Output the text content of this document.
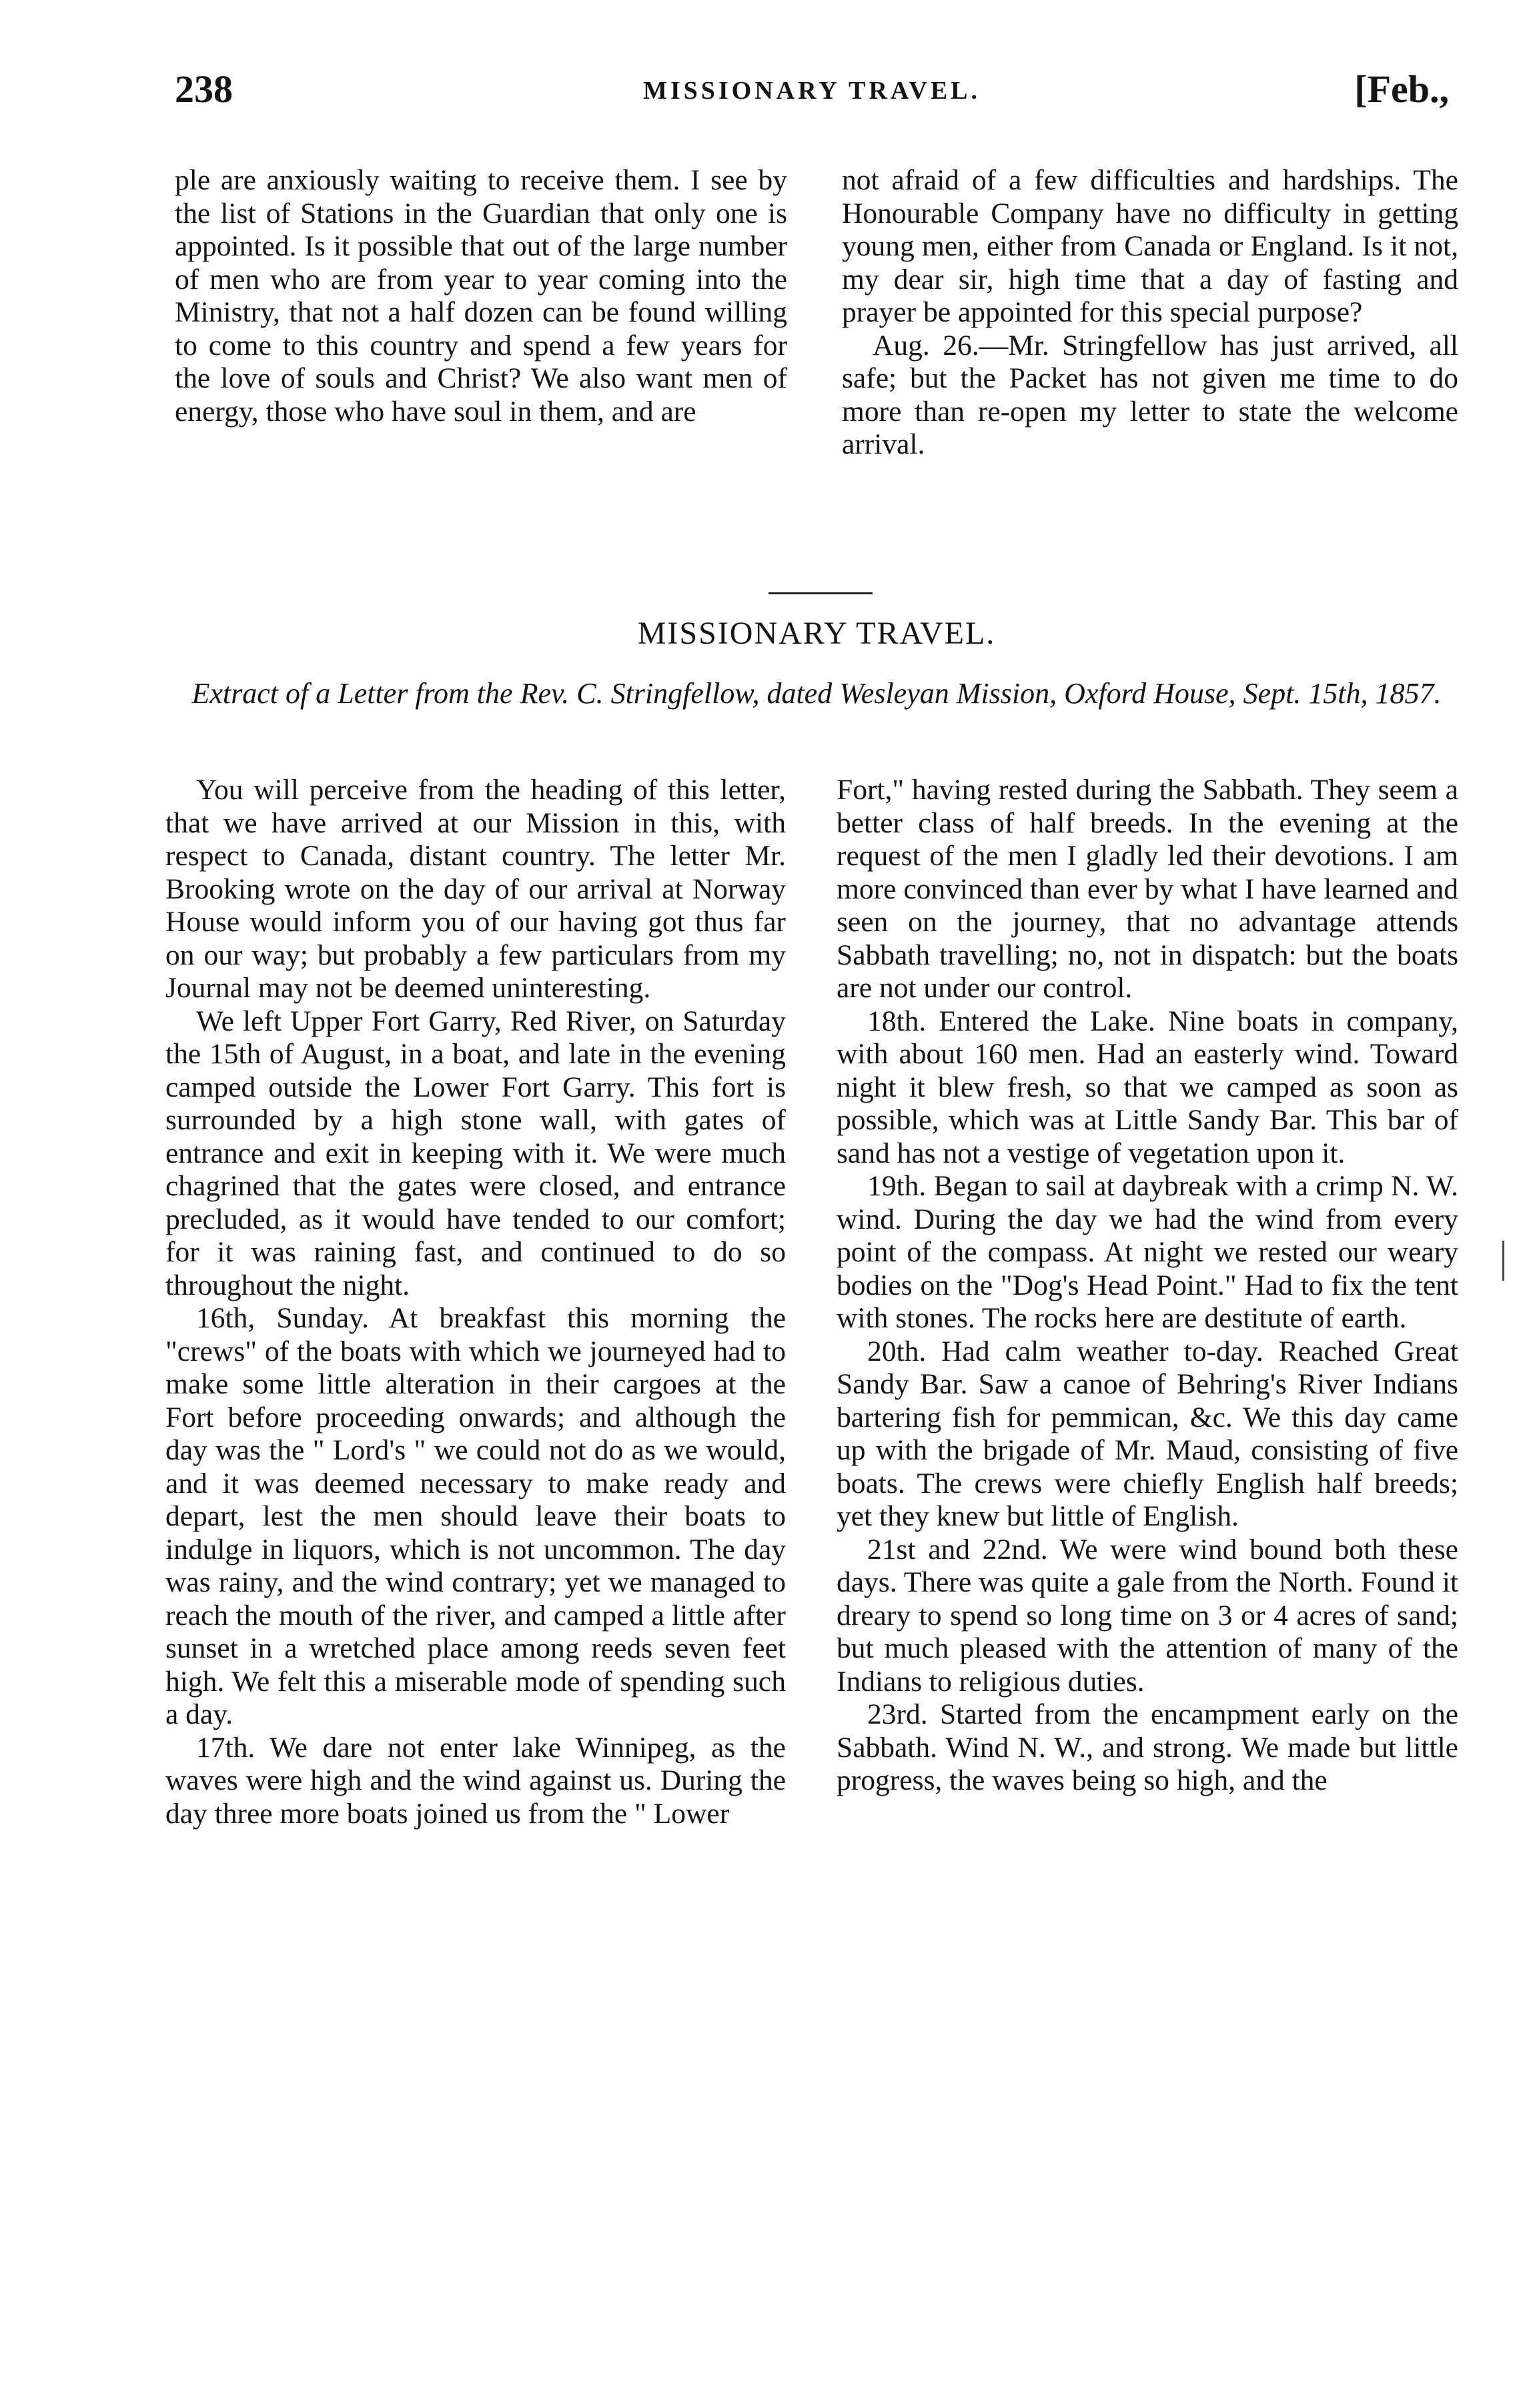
238	MISSIONARY TRAVEL.	[Feb.,

ple are anxiously waiting to receive them. I see by the list of Stations in the Guardian that only one is appointed. Is it possible that out of the large number of men who are from year to year coming into the Ministry, that not a half dozen can be found willing to come to this country and spend a few years for the love of souls and Christ? We also want men of energy, those who have soul in them, and are

not afraid of a few difficulties and hardships. The Honourable Company have no difficulty in getting young men, either from Canada or England. Is it not, my dear sir, high time that a day of fasting and prayer be appointed for this special purpose?

Aug. 26.—Mr. Stringfellow has just arrived, all safe; but the Packet has not given me time to do more than re-open my letter to state the welcome arrival.

MISSIONARY TRAVEL.
Extract of a Letter from the Rev. C. Stringfellow, dated Wesleyan Mission, Oxford House, Sept. 15th, 1857.

You will perceive from the heading of this letter, that we have arrived at our Mission in this, with respect to Canada, distant country. The letter Mr. Brooking wrote on the day of our arrival at Norway House would inform you of our having got thus far on our way; but probably a few particulars from my Journal may not be deemed uninteresting.

We left Upper Fort Garry, Red River, on Saturday the 15th of August, in a boat, and late in the evening camped outside the Lower Fort Garry. This fort is surrounded by a high stone wall, with gates of entrance and exit in keeping with it. We were much chagrined that the gates were closed, and entrance precluded, as it would have tended to our comfort; for it was raining fast, and continued to do so throughout the night.

16th, Sunday. At breakfast this morning the "crews" of the boats with which we journeyed had to make some little alteration in their cargoes at the Fort before proceeding onwards; and although the day was the " Lord's " we could not do as we would, and it was deemed necessary to make ready and depart, lest the men should leave their boats to indulge in liquors, which is not uncommon. The day was rainy, and the wind contrary; yet we managed to reach the mouth of the river, and camped a little after sunset in a wretched place among reeds seven feet high. We felt this a miserable mode of spending such a day.

17th. We dare not enter lake Winnipeg, as the waves were high and the wind against us. During the day three more boats joined us from the " Lower

Fort," having rested during the Sabbath. They seem a better class of half breeds. In the evening at the request of the men I gladly led their devotions. I am more convinced than ever by what I have learned and seen on the journey, that no advantage attends Sabbath travelling; no, not in dispatch: but the boats are not under our control.

18th. Entered the Lake. Nine boats in company, with about 160 men. Had an easterly wind. Toward night it blew fresh, so that we camped as soon as possible, which was at Little Sandy Bar. This bar of sand has not a vestige of vegetation upon it.

19th. Began to sail at daybreak with a crimp N. W. wind. During the day we had the wind from every point of the compass. At night we rested our weary bodies on the "Dog's Head Point." Had to fix the tent with stones. The rocks here are destitute of earth.

20th. Had calm weather to-day. Reached Great Sandy Bar. Saw a canoe of Behring's River Indians bartering fish for pemmican, &c. We this day came up with the brigade of Mr. Maud, consisting of five boats. The crews were chiefly English half breeds; yet they knew but little of English.

21st and 22nd. We were wind bound both these days. There was quite a gale from the North. Found it dreary to spend so long time on 3 or 4 acres of sand; but much pleased with the attention of many of the Indians to religious duties.

23rd. Started from the encampment early on the Sabbath. Wind N. W., and strong. We made but little progress, the waves being so high, and the
